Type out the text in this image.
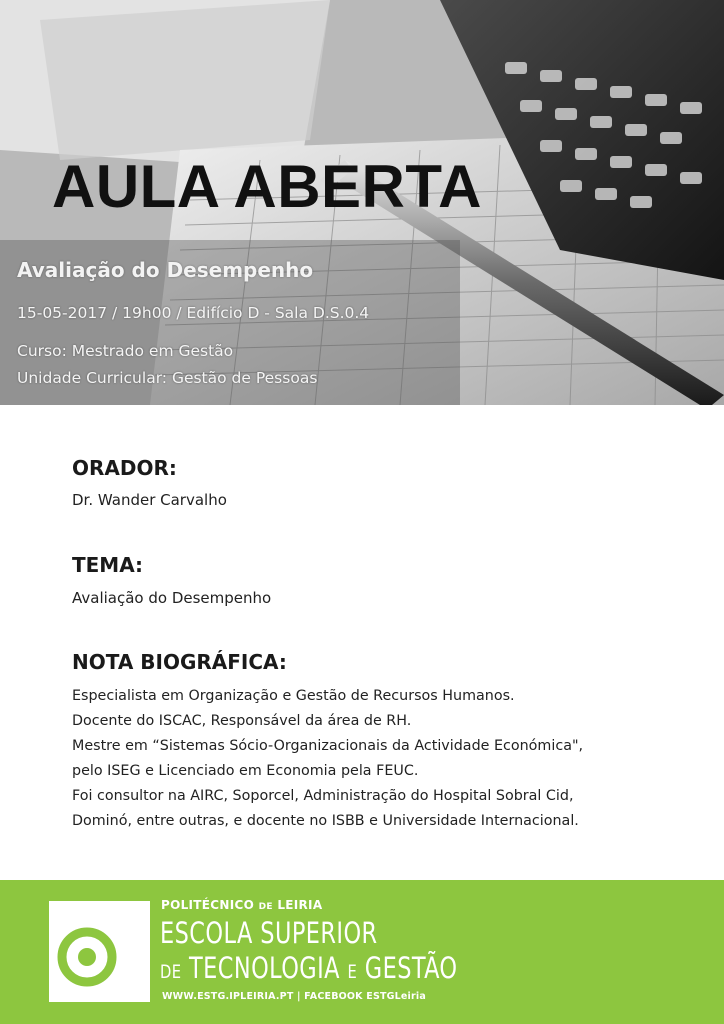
AULA ABERTA
Avaliação do Desempenho

15-05-2017 / 19h00 / Edifício D - Sala D.S.0.4

Curso: Mestrado em Gestão

Unidade Curricular: Gestão de Pessoas

ORADOR:

Dr. Wander Carvalho

TEMA:

Avaliação do Desempenho

NOTA BIOGRÁFICA:
Especialista em Organização e Gestão de Recursos Humanos.
Docente do ISCAC, Responsável da área de RH.
Mestre em “Sistemas Sócio-Organizacionais da Actividade Económica",
pelo ISEG e Licenciado em Economia pela FEUC.
Foi consultor na AIRC, Soporcel, Administração do Hospital Sobral Cid,
Dominó, entre outras, e docente no ISBB e Universidade Internacional.

POLITÉCNICO DE LEIRIA

ESCOLA SUPERIOR

DE TECNOLOGIA E GESTÃO

WWW.ESTG.IPLEIRIA.PT | FACEBOOK ESTGLeiria
